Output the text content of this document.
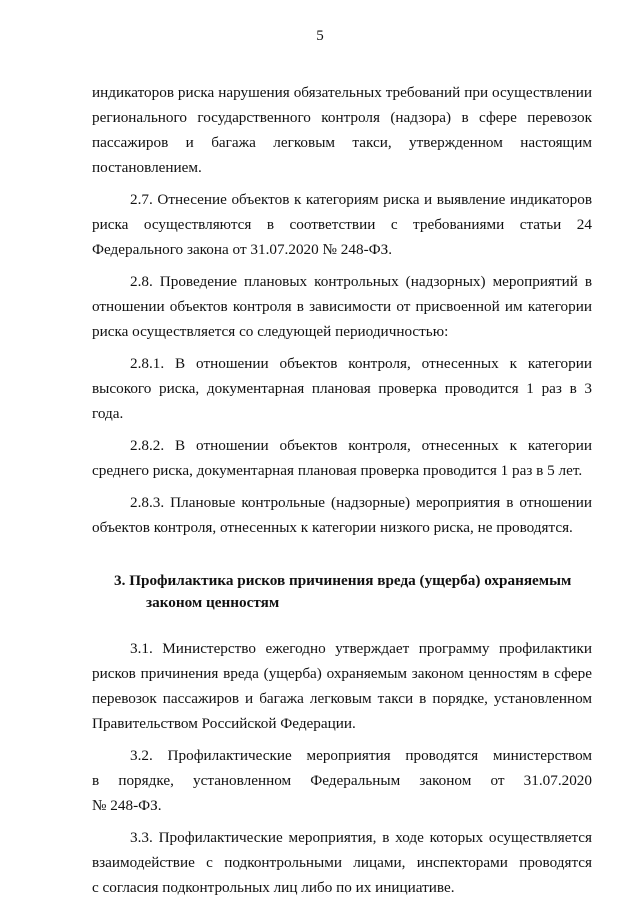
5
индикаторов риска нарушения обязательных требований при осуществлении
регионального государственного контроля (надзора) в сфере перевозок
пассажиров и багажа легковым такси, утвержденном настоящим
постановлением.
2.7. Отнесение объектов к категориям риска и выявление индикаторов
риска осуществляются в соответствии с требованиями статьи 24
Федерального закона от 31.07.2020 № 248-ФЗ.
2.8. Проведение плановых контрольных (надзорных) мероприятий в
отношении объектов контроля в зависимости от присвоенной им категории
риска осуществляется со следующей периодичностью:
2.8.1. В отношении объектов контроля, отнесенных к категории
высокого риска, документарная плановая проверка проводится 1 раз в 3 года.
2.8.2. В отношении объектов контроля, отнесенных к категории
среднего риска, документарная плановая проверка проводится 1 раз в 5 лет.
2.8.3. Плановые контрольные (надзорные) мероприятия в отношении
объектов контроля, отнесенных к категории низкого риска, не проводятся.
3. Профилактика рисков причинения вреда (ущерба) охраняемым
законом ценностям
3.1. Министерство ежегодно утверждает программу профилактики
рисков причинения вреда (ущерба) охраняемым законом ценностям в сфере
перевозок пассажиров и багажа легковым такси в порядке, установленном
Правительством Российской Федерации.
3.2. Профилактические мероприятия проводятся министерством
в порядке, установленном Федеральным законом от 31.07.2020
№ 248-ФЗ.
3.3. Профилактические мероприятия, в ходе которых осуществляется
взаимодействие с подконтрольными лицами, инспекторами проводятся
с согласия подконтрольных лиц либо по их инициативе.
